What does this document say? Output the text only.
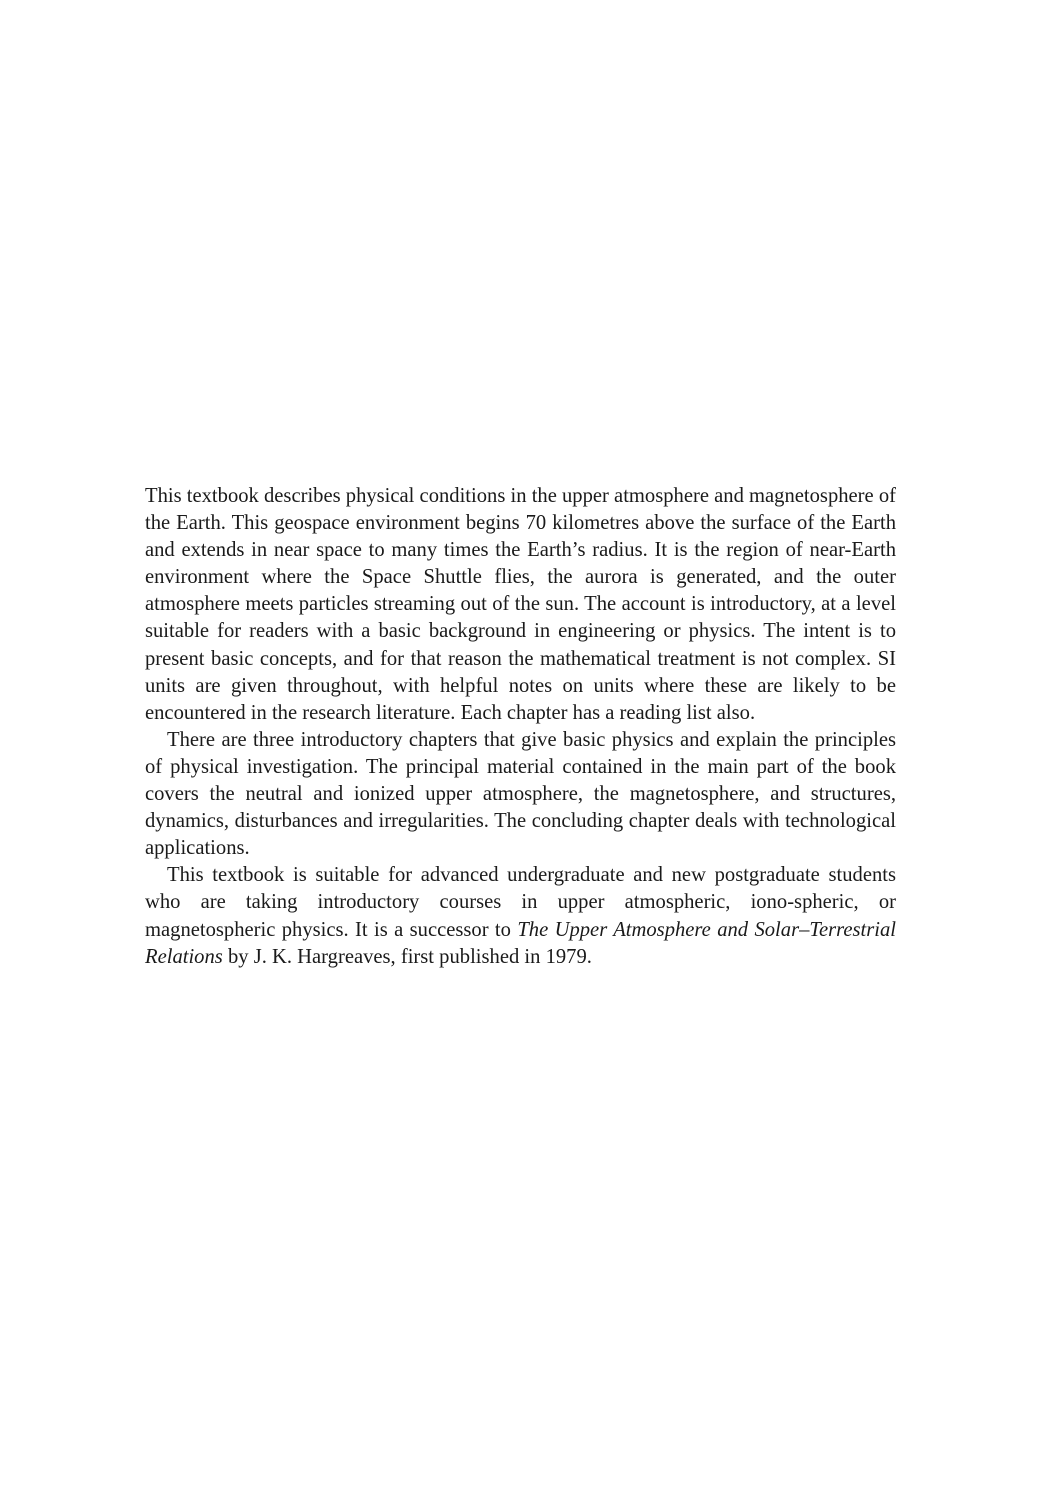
This textbook describes physical conditions in the upper atmosphere and magnetosphere of the Earth. This geospace environment begins 70 kilometres above the surface of the Earth and extends in near space to many times the Earth’s radius. It is the region of near-Earth environment where the Space Shuttle flies, the aurora is generated, and the outer atmosphere meets particles streaming out of the sun. The account is introductory, at a level suitable for readers with a basic background in engineering or physics. The intent is to present basic concepts, and for that reason the mathematical treatment is not complex. SI units are given throughout, with helpful notes on units where these are likely to be encountered in the research literature. Each chapter has a reading list also.

There are three introductory chapters that give basic physics and explain the principles of physical investigation. The principal material contained in the main part of the book covers the neutral and ionized upper atmosphere, the magnetosphere, and structures, dynamics, disturbances and irregularities. The concluding chapter deals with technological applications.

This textbook is suitable for advanced undergraduate and new postgraduate students who are taking introductory courses in upper atmospheric, iono-spheric, or magnetospheric physics. It is a successor to The Upper Atmosphere and Solar–Terrestrial Relations by J. K. Hargreaves, first published in 1979.
